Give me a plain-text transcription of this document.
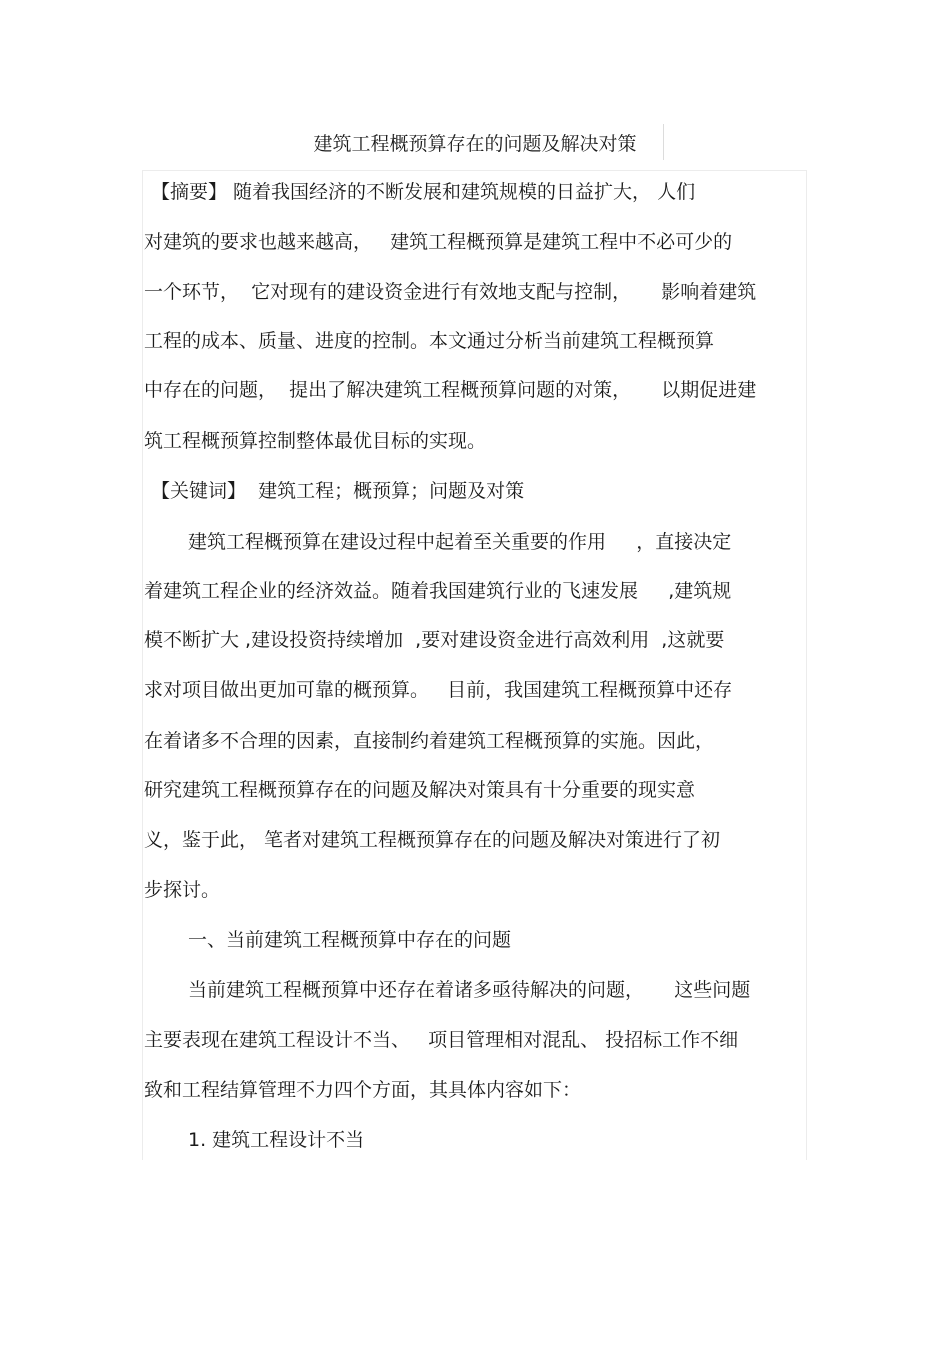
建筑工程概预算存在的问题及解决对策

【摘要】 随着我国经济的不断发展和建筑规模的日益扩大， 人们

对建筑的要求也越来越高，   建筑工程概预算是建筑工程中不必可少的

一个环节，  它对现有的建设资金进行有效地支配与控制，     影响着建筑

工程的成本、质量、进度的控制。本文通过分析当前建筑工程概预算

中存在的问题，  提出了解决建筑工程概预算问题的对策，     以期促进建

筑工程概预算控制整体最优目标的实现。

【关键词】  建筑工程；概预算；问题及对策

建筑工程概预算在建设过程中起着至关重要的作用     ，直接决定

着建筑工程企业的经济效益。随着我国建筑行业的飞速发展     ,建筑规

模不断扩大 ,建设投资持续增加  ,要对建设资金进行高效利用  ,这就要

求对项目做出更加可靠的概预算。   目前，我国建筑工程概预算中还存

在着诸多不合理的因素，直接制约着建筑工程概预算的实施。因此，

研究建筑工程概预算存在的问题及解决对策具有十分重要的现实意

义，鉴于此， 笔者对建筑工程概预算存在的问题及解决对策进行了初

步探讨。

一、当前建筑工程概预算中存在的问题

当前建筑工程概预算中还存在着诸多亟待解决的问题，     这些问题

主要表现在建筑工程设计不当、   项目管理相对混乱、 投招标工作不细

致和工程结算管理不力四个方面，其具体内容如下：

1. 建筑工程设计不当
